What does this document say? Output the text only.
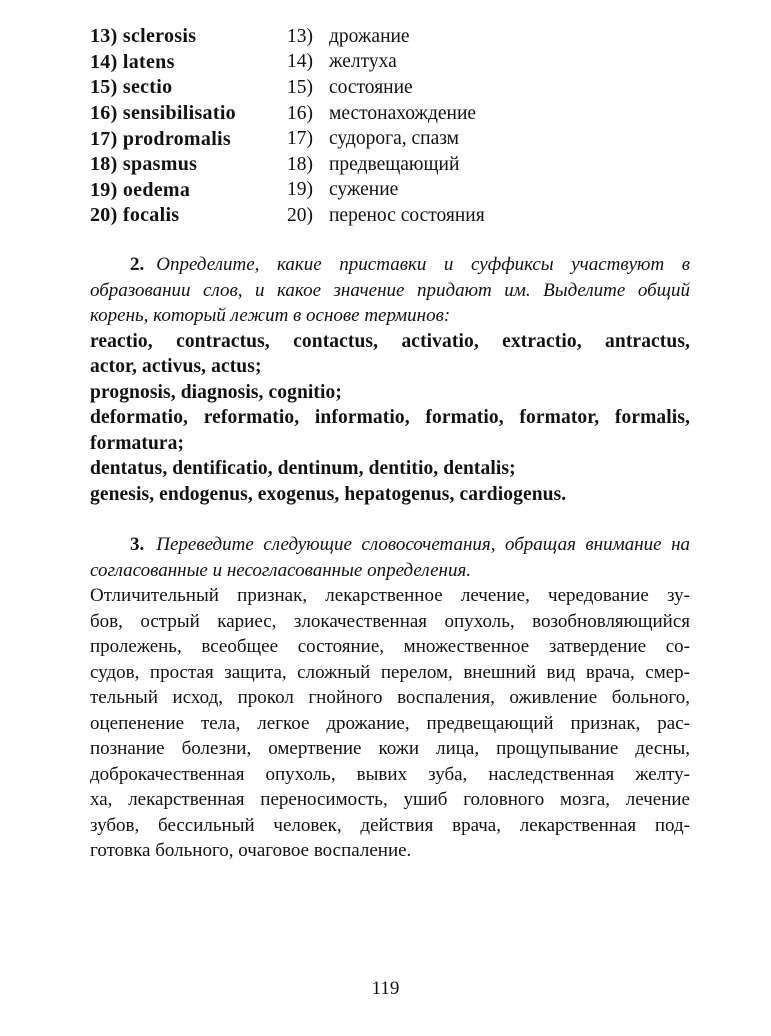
13) sclerosis	13) дрожание
14) latens	14) желтуха
15) sectio	15) состояние
16) sensibilisatio	16) местонахождение
17) prodromalis	17) судорога, спазм
18) spasmus	18) предвещающий
19) oedema	19) сужение
20) focalis	20) перенос состояния

2. Определите, какие приставки и суффиксы участвуют в образовании слов, и какое значение придают им. Выделите общий корень, который лежит в основе терминов:

reactio, contractus, contactus, activatio, extractio, antractus,
actor, activus, actus;
prognosis, diagnosis, cognitio;
deformatio, reformatio, informatio, formatio, formator, formalis,
formatura;
dentatus, dentificatio, dentinum, dentitio, dentalis;
genesis, endogenus, exogenus, hepatogenus, cardiogenus.

3. Переведите следующие словосочетания, обращая внимание на согласованные и несогласованные определения.

Отличительный признак, лекарственное лечение, чередование зу-
бов, острый кариес, злокачественная опухоль, возобновляющийся
пролежень, всеобщее состояние, множественное затвердение со-
судов, простая защита, сложный перелом, внешний вид врача, смер-
тельный исход, прокол гнойного воспаления, оживление больного,
оцепенение тела, легкое дрожание, предвещающий признак, рас-
познание болезни, омертвение кожи лица, прощупывание десны,
доброкачественная опухоль, вывих зуба, наследственная желту-
ха, лекарственная переносимость, ушиб головного мозга, лечение
зубов, бессильный человек, действия врача, лекарственная под-
готовка больного, очаговое воспаление.
119
